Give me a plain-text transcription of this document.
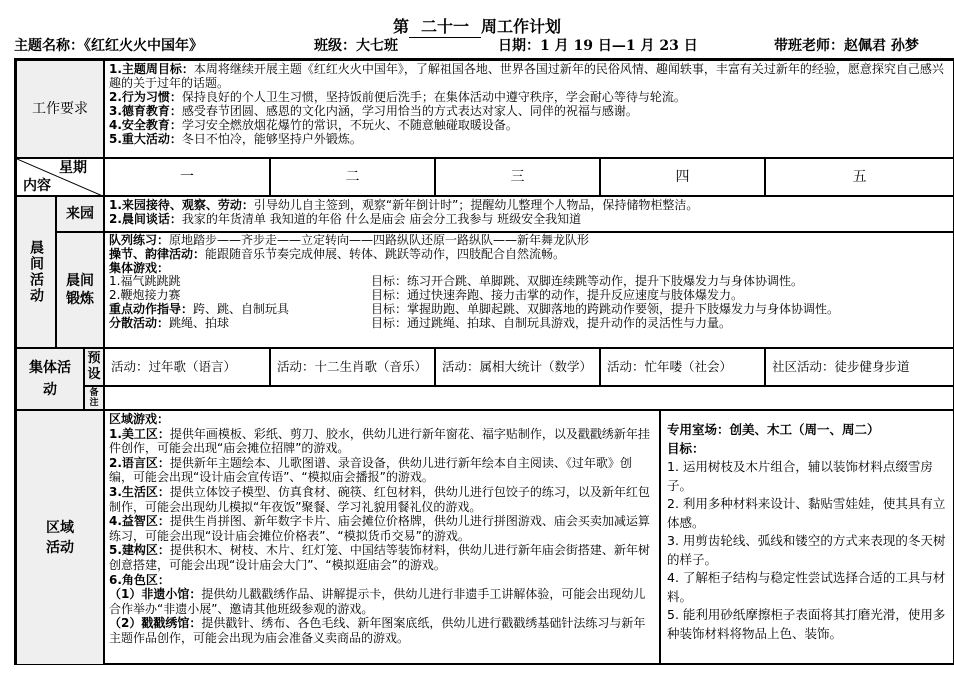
第 二十一 周工作计划
主题名称：《红红火火中国年》	班级：大七班	日期：1 月 19 日—1 月 23 日	带班老师：赵佩君 孙梦
工作要求

1.主题周目标：本周将继续开展主题《红红火火中国年》，了解祖国各地、世界各国过新年的民俗风情、趣闻轶事，丰富有关过新年的经验，愿意探究自己感兴趣的关于过年的话题。

2.行为习惯：保持良好的个人卫生习惯，坚持饭前便后洗手；在集体活动中遵守秩序，学会耐心等待与轮流。

3.德育教育：感受春节团圆、感恩的文化内涵，学习用恰当的方式表达对家人、同伴的祝福与感谢。

4.安全教育：学习安全燃放烟花爆竹的常识，不玩火、不随意触碰取暖设备。

5.重大活动：冬日不怕冷，能够坚持户外锻炼。

星期
内容
一	二	三	四	五
晨间活动
来园

1.来园接待、观察、劳动：引导幼儿自主签到，观察“新年倒计时”；提醒幼儿整理个人物品，保持储物柜整洁。

2.晨间谈话：我家的年货清单 我知道的年俗 什么是庙会 庙会分工我参与 班级安全我知道

晨间锻炼

队列练习：原地踏步——齐步走——立定转向——四路纵队还原一路纵队——新年舞龙队形

操节、韵律活动：能跟随音乐节奏完成伸展、转体、跳跃等动作，四肢配合自然流畅。

集体游戏：

1.福气跳跳跳	目标：练习开合跳、单脚跳、双脚连续跳等动作，提升下肢爆发力与身体协调性。
2.鞭炮接力赛	目标：通过快速奔跑、接力击掌的动作，提升反应速度与肢体爆发力。
重点动作指导：跨、跳、自制玩具	目标：掌握助跑、单脚起跳、双脚落地的跨跳动作要领，提升下肢爆发力与身体协调性。
分散活动：跳绳、拍球	目标：通过跳绳、拍球、自制玩具游戏，提升动作的灵活性与力量。
集体活动
预设
备注
活动：过年歌（语言）	活动：十二生肖歌（音乐）	活动：属相大统计（数学）	活动：忙年喽（社会）	社区活动：徒步健身步道
区域活动

区域游戏：

1.美工区：提供年画模板、彩纸、剪刀、胶水，供幼儿进行新年窗花、福字贴制作，以及戳戳绣新年挂件创作，可能会出现“庙会摊位招牌”的游戏。

2.语言区：提供新年主题绘本、儿歌图谱、录音设备，供幼儿进行新年绘本自主阅读、《过年歌》创编，可能会出现“设计庙会宣传语”、“模拟庙会播报”的游戏。

3.生活区：提供立体饺子模型、仿真食材、碗筷、红包材料，供幼儿进行包饺子的练习，以及新年红包制作，可能会出现幼儿模拟“年夜饭”聚餐、学习礼貌用餐礼仪的游戏。

4.益智区：提供生肖拼图、新年数字卡片、庙会摊位价格牌，供幼儿进行拼图游戏、庙会买卖加减运算练习，可能会出现“设计庙会摊位价格表”、“模拟货币交易”的游戏。

5.建构区：提供积木、树枝、木片、红灯笼、中国结等装饰材料，供幼儿进行新年庙会街搭建、新年树创意搭建，可能会出现“设计庙会大门”、“模拟逛庙会”的游戏。

6.角色区：

（1）非遗小馆：提供幼儿戳戳绣作品、讲解提示卡，供幼儿进行非遗手工讲解体验，可能会出现幼儿合作举办“非遗小展”、邀请其他班级参观的游戏。

（2）戳戳绣馆：提供戳针、绣布、各色毛线、新年图案底纸，供幼儿进行戳戳绣基础针法练习与新年主题作品创作，可能会出现为庙会准备义卖商品的游戏。

专用室场：创美、木工（周一、周二）

目标：

1. 运用树枝及木片组合，辅以装饰材料点缀雪房子。

2. 利用多种材料来设计、黏贴雪娃娃，使其具有立体感。

3. 用剪齿轮线、弧线和镂空的方式来表现的冬天树的样子。

4. 了解柜子结构与稳定性尝试选择合适的工具与材料。

5. 能利用砂纸摩擦柜子表面将其打磨光滑，使用多种装饰材料将物品上色、装饰。
